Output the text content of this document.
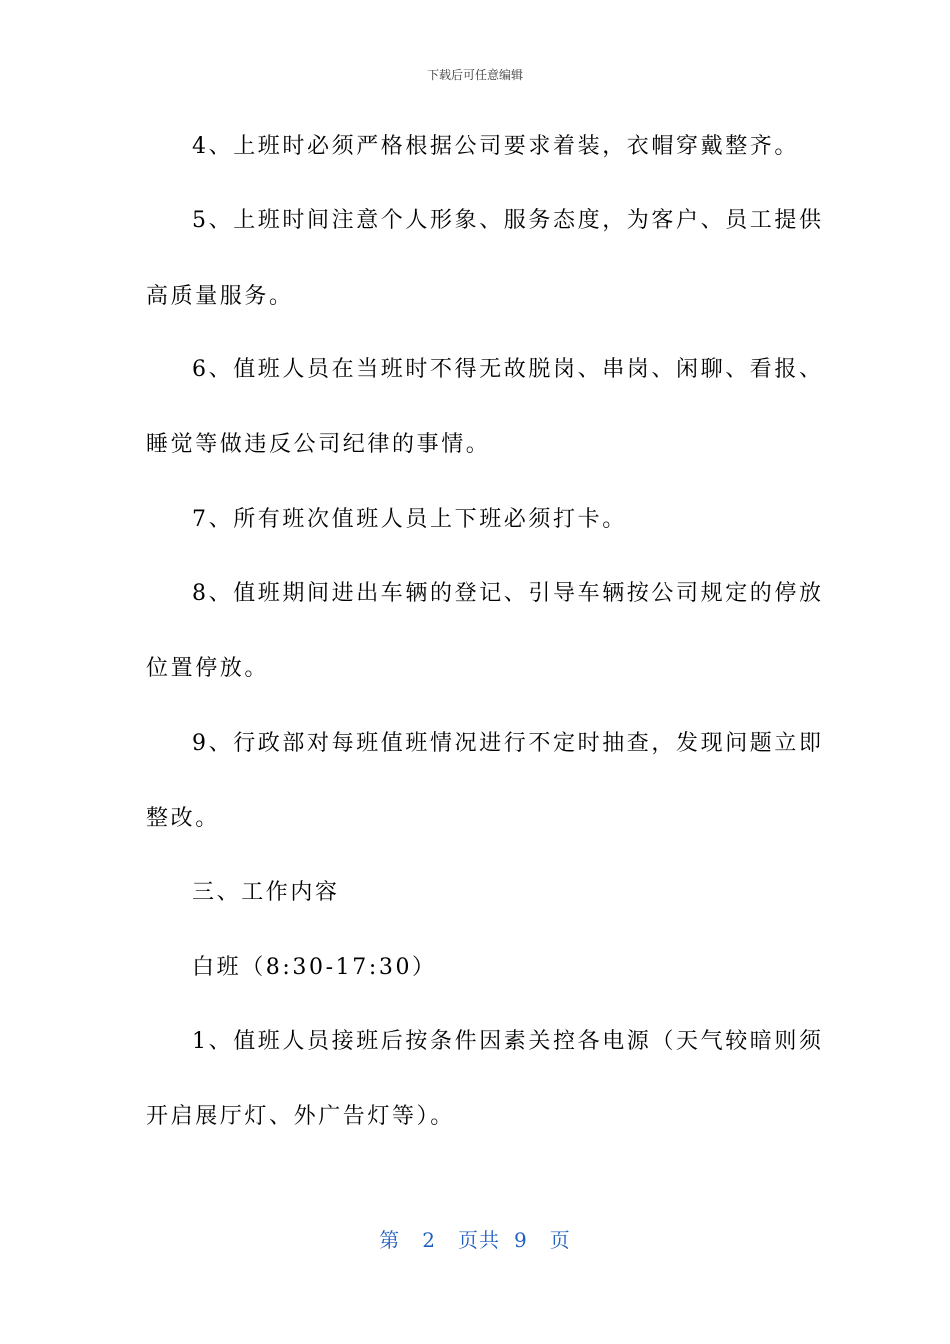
下载后可任意编辑
4、上班时必须严格根据公司要求着装，衣帽穿戴整齐。
5、上班时间注意个人形象、服务态度，为客户、员工提供
高质量服务。
6、值班人员在当班时不得无故脱岗、串岗、闲聊、看报、
睡觉等做违反公司纪律的事情。
7、所有班次值班人员上下班必须打卡。
8、值班期间进出车辆的登记、引导车辆按公司规定的停放
位置停放。
9、行政部对每班值班情况进行不定时抽查，发现问题立即
整改。
三、工作内容
白班（8:30-17:30）
1、值班人员接班后按条件因素关控各电源（天气较暗则须
开启展厅灯、外广告灯等）。
第 2 页共 9 页
